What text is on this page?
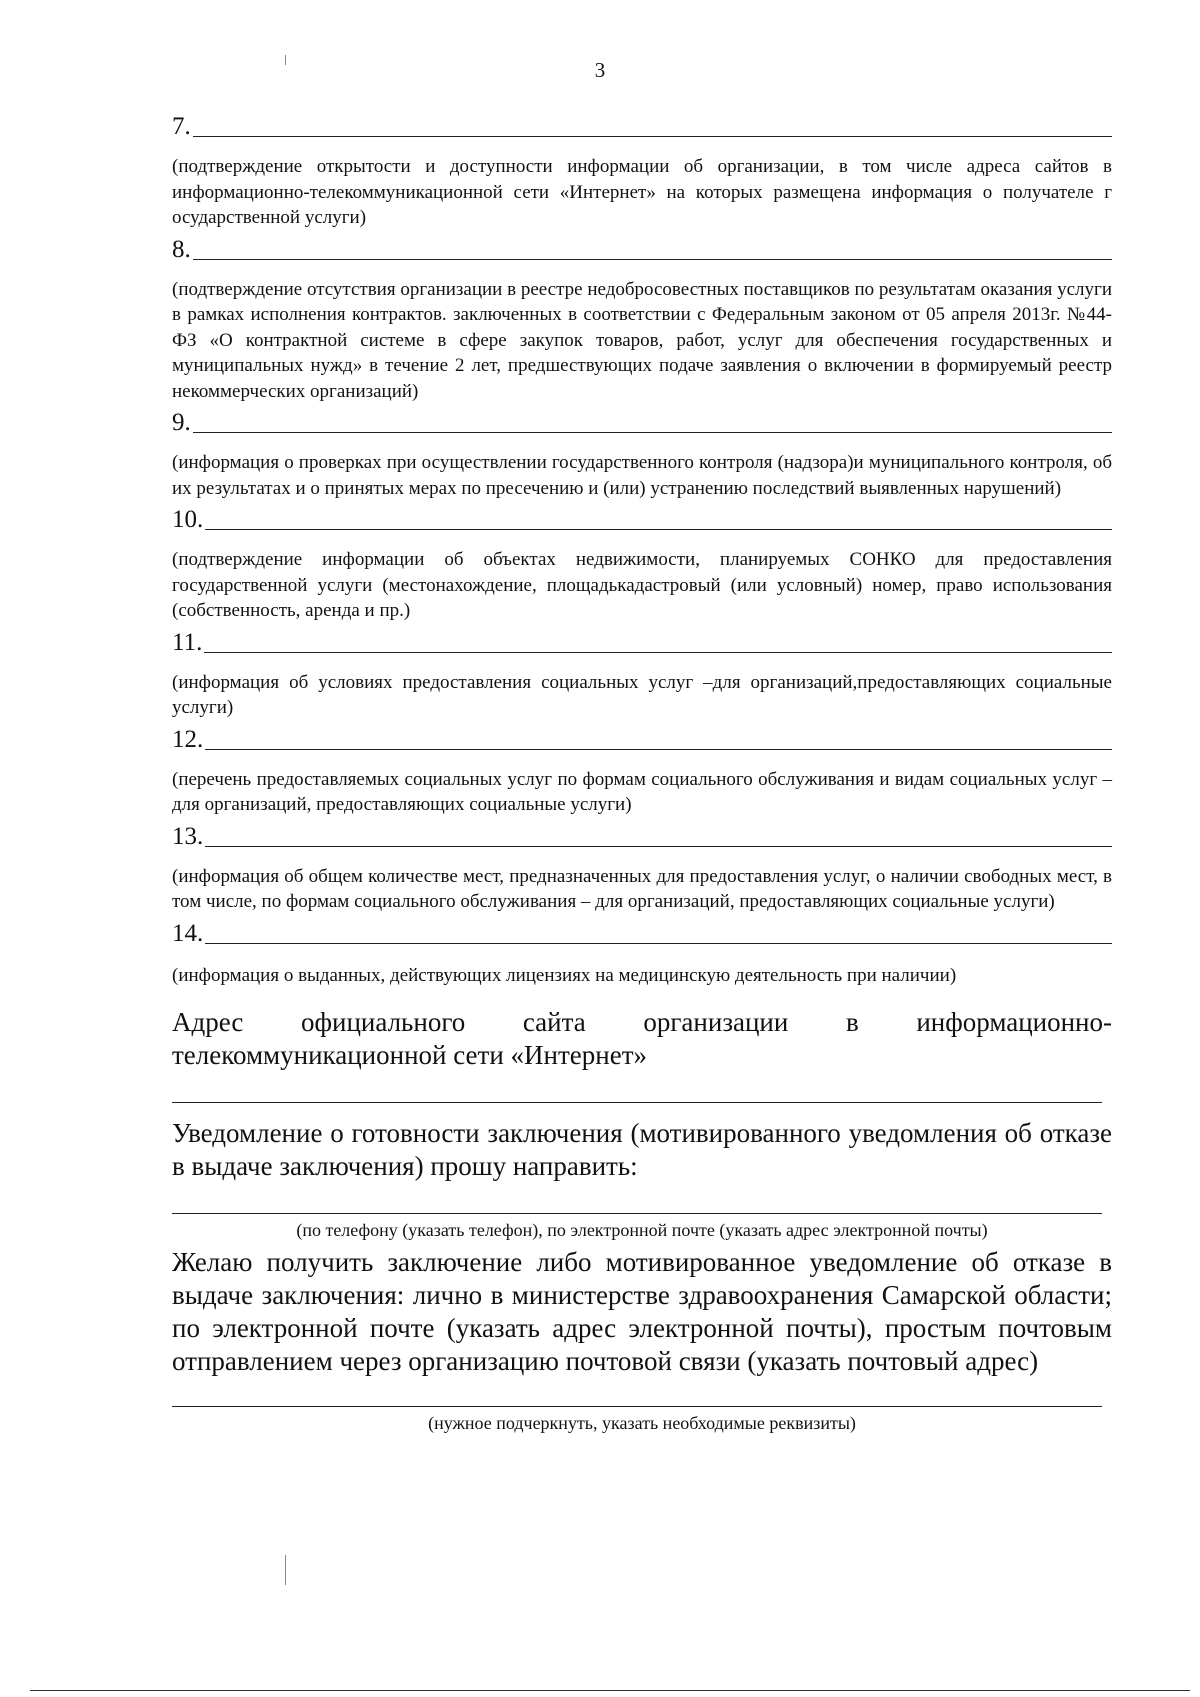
3
7.

(подтверждение открытости и доступности информации об организации, в том числе адреса сайтов в информационно-телекоммуникационной сети «Интернет» на которых размещена информация о получателе г осударственной услуги)

8.

(подтверждение отсутствия организации в реестре недобросовестных поставщиков по результатам оказания услуги в рамках исполнения контрактов. заключенных в соответствии с Федеральным законом от 05 апреля 2013г. №44-ФЗ «О контрактной системе в сфере закупок товаров, работ, услуг для обеспечения государственных и муниципальных нужд» в течение 2 лет, предшествующих подаче заявления о включении в формируемый реестр некоммерческих организаций)

9.

(информация о проверках при осуществлении государственного контроля (надзора)и муниципального контроля, об их результатах и о принятых мерах по пресечению и (или) устранению последствий выявленных нарушений)

10.

(подтверждение информации об объектах недвижимости, планируемых СОНКО для предоставления государственной услуги (местонахождение, площадькадастровый (или условный) номер, право использования (собственность, аренда и пр.)

11.

(информация об условиях предоставления социальных услуг –для организаций,предоставляющих социальные услуги)

12.

(перечень предоставляемых социальных услуг по формам социального обслуживания и видам социальных услуг – для организаций, предоставляющих социальные услуги)

13.

(информация об общем количестве мест, предназначенных для предоставления услуг, о наличии свободных мест, в том числе, по формам социального обслуживания – для организаций, предоставляющих социальные услуги)

14.

(информация о выданных, действующих лицензиях на медицинскую деятельность при наличии)

Адрес официального сайта организации в информационно-телекоммуникационной сети «Интернет»

Уведомление о готовности заключения (мотивированного уведомления об отказе в выдаче заключения) прошу направить:

(по телефону (указать телефон), по электронной почте (указать адрес электронной почты)

Желаю получить заключение либо мотивированное уведомление об отказе в выдаче заключения: лично в министерстве здравоохранения Самарской области; по электронной почте (указать адрес электронной почты), простым почтовым отправлением через организацию почтовой связи (указать почтовый адрес)

(нужное подчеркнуть, указать необходимые реквизиты)
